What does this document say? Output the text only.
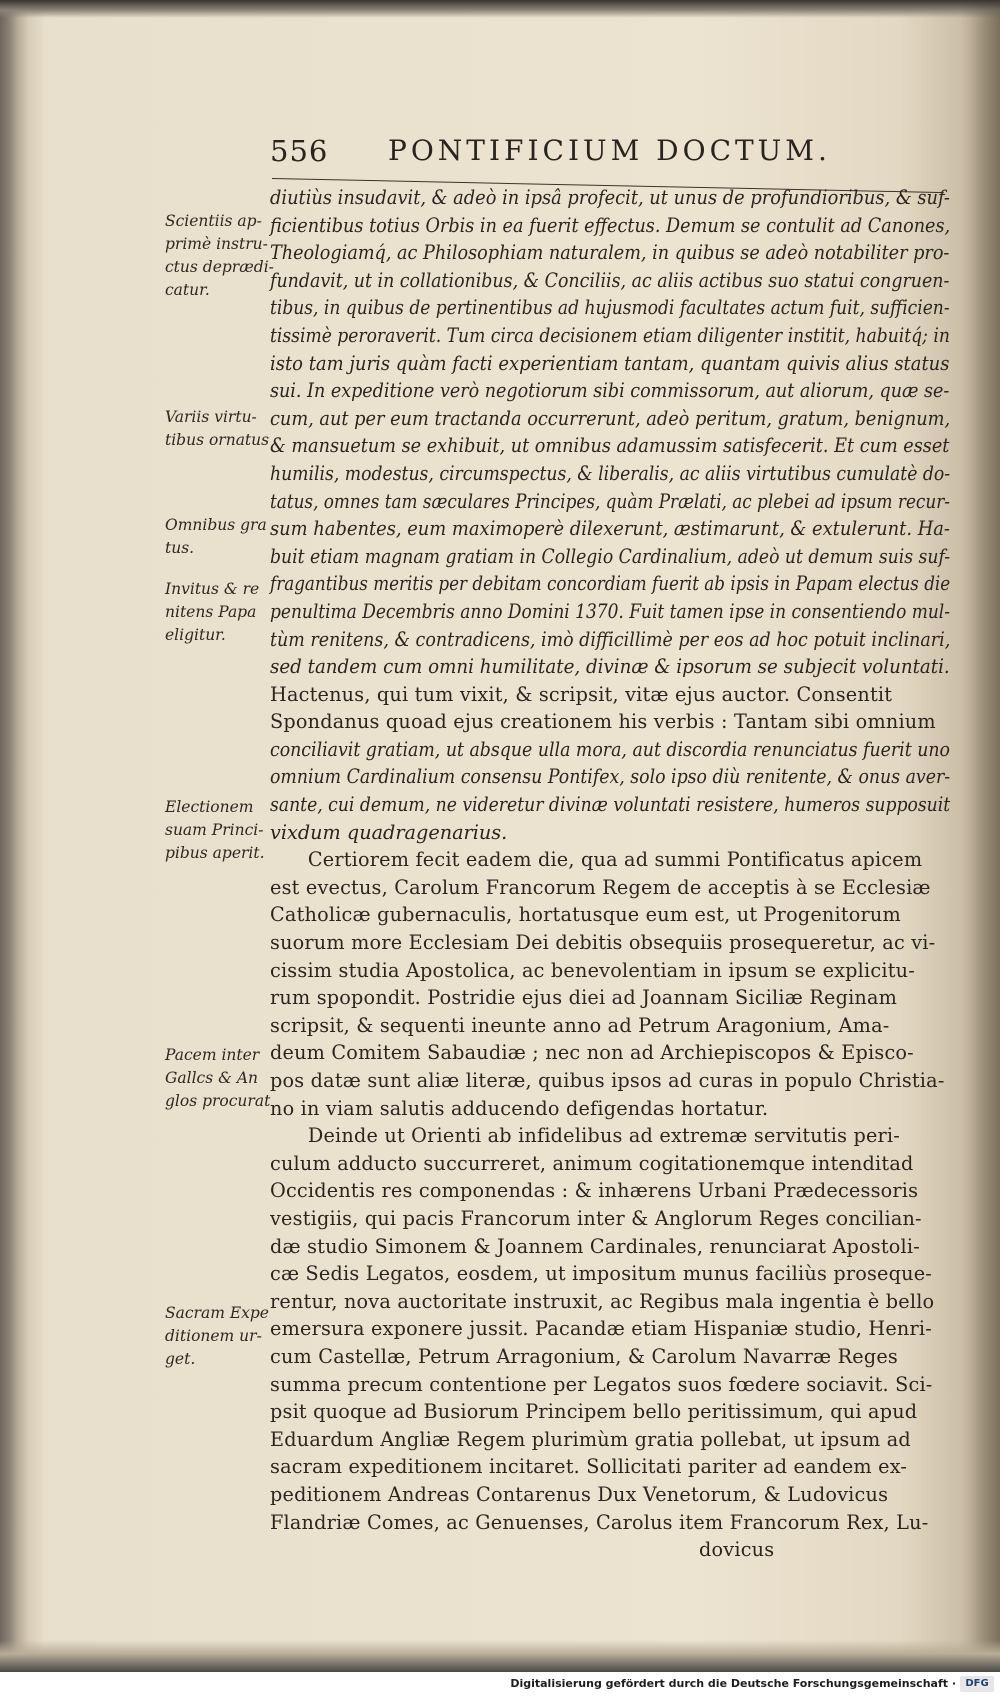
556 PONTIFICIUM DOCTUM.
Scientiis ap-
primè instru-
ctus deprædi-
catur.
Variis virtu-
tibus ornatus
Omnibus gra
tus.
Invitus & re
nitens Papa
eligitur.
Electionem
suam Princi-
pibus aperit.
Pacem inter
Gallcs & An
glos procurat
Sacram Expe
ditionem ur-
get.
diutiùs insudavit, & adeò in ipsâ profecit, ut unus de profundioribus, & suf-
ficientibus totius Orbis in ea fuerit effectus. Demum se contulit ad Canones,
Theologiamq́, ac Philosophiam naturalem, in quibus se adeò notabiliter pro-
fundavit, ut in collationibus, & Conciliis, ac aliis actibus suo statui congruen-
tibus, in quibus de pertinentibus ad hujusmodi facultates actum fuit, sufficien-
tissimè peroraverit. Tum circa decisionem etiam diligenter institit, habuitq́; in
isto tam juris quàm facti experientiam tantam, quantam quivis alius status
sui. In expeditione verò negotiorum sibi commissorum, aut aliorum, quæ se-
cum, aut per eum tractanda occurrerunt, adeò peritum, gratum, benignum,
& mansuetum se exhibuit, ut omnibus adamussim satisfecerit. Et cum esset
humilis, modestus, circumspectus, & liberalis, ac aliis virtutibus cumulatè do-
tatus, omnes tam sæculares Principes, quàm Prælati, ac plebei ad ipsum recur-
sum habentes, eum maximoperè dilexerunt, æstimarunt, & extulerunt. Ha-
buit etiam magnam gratiam in Collegio Cardinalium, adeò ut demum suis suf-
fragantibus meritis per debitam concordiam fuerit ab ipsis in Papam electus die
penultima Decembris anno Domini 1370. Fuit tamen ipse in consentiendo mul-
tùm renitens, & contradicens, imò difficillimè per eos ad hoc potuit inclinari,
sed tandem cum omni humilitate, divinæ & ipsorum se subjecit voluntati.
Hactenus, qui tum vixit, & scripsit, vitæ ejus auctor. Consentit
Spondanus quoad ejus creationem his verbis : Tantam sibi omnium
conciliavit gratiam, ut absque ulla mora, aut discordia renunciatus fuerit uno
omnium Cardinalium consensu Pontifex, solo ipso diù renitente, & onus aver-
sante, cui demum, ne videretur divinæ voluntati resistere, humeros supposuit
vixdum quadragenarius.
Certiorem fecit eadem die, qua ad summi Pontificatus apicem
est evectus, Carolum Francorum Regem de acceptis à se Ecclesiæ
Catholicæ gubernaculis, hortatusque eum est, ut Progenitorum
suorum more Ecclesiam Dei debitis obsequiis prosequeretur, ac vi-
cissim studia Apostolica, ac benevolentiam in ipsum se explicitu-
rum spopondit. Postridie ejus diei ad Joannam Siciliæ Reginam
scripsit, & sequenti ineunte anno ad Petrum Aragonium, Ama-
deum Comitem Sabaudiæ ; nec non ad Archiepiscopos & Episco-
pos datæ sunt aliæ literæ, quibus ipsos ad curas in populo Christia-
no in viam salutis adducendo defigendas hortatur.
Deinde ut Orienti ab infidelibus ad extremæ servitutis peri-
culum adducto succurreret, animum cogitationemque intenditad
Occidentis res componendas : & inhærens Urbani Prædecessoris
vestigiis, qui pacis Francorum inter & Anglorum Reges concilian-
dæ studio Simonem & Joannem Cardinales, renunciarat Apostoli-
cæ Sedis Legatos, eosdem, ut impositum munus faciliùs proseque-
rentur, nova auctoritate instruxit, ac Regibus mala ingentia è bello
emersura exponere jussit. Pacandæ etiam Hispaniæ studio, Henri-
cum Castellæ, Petrum Arragonium, & Carolum Navarræ Reges
summa precum contentione per Legatos suos fœdere sociavit. Sci-
psit quoque ad Busiorum Principem bello peritissimum, qui apud
Eduardum Angliæ Regem plurimùm gratia pollebat, ut ipsum ad
sacram expeditionem incitaret. Sollicitati pariter ad eandem ex-
peditionem Andreas Contarenus Dux Venetorum, & Ludovicus
Flandriæ Comes, ac Genuenses, Carolus item Francorum Rex, Lu-
dovicus
Digitalisierung gefördert durch die Deutsche Forschungsgemeinschaft · DFG
